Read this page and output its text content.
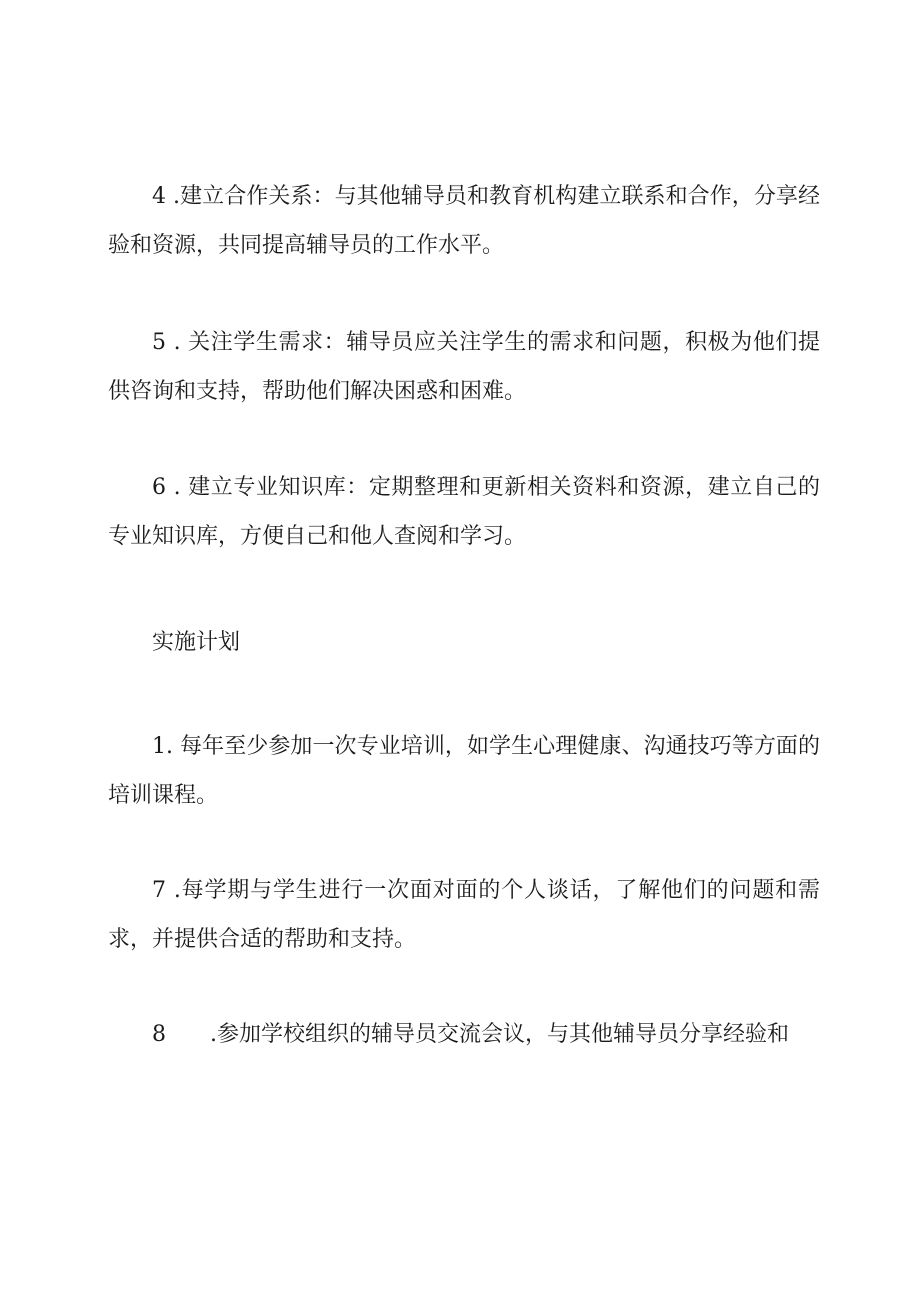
4 .建立合作关系：与其他辅导员和教育机构建立联系和合作，分享经验和资源，共同提高辅导员的工作水平。

5 . 关注学生需求：辅导员应关注学生的需求和问题，积极为他们提供咨询和支持，帮助他们解决困惑和困难。

6 . 建立专业知识库：定期整理和更新相关资料和资源，建立自己的专业知识库，方便自己和他人查阅和学习。

实施计划

1. 每年至少参加一次专业培训，如学生心理健康、沟通技巧等方面的培训课程。

7 .每学期与学生进行一次面对面的个人谈话，了解他们的问题和需求，并提供合适的帮助和支持。

8 .参加学校组织的辅导员交流会议，与其他辅导员分享经验和
